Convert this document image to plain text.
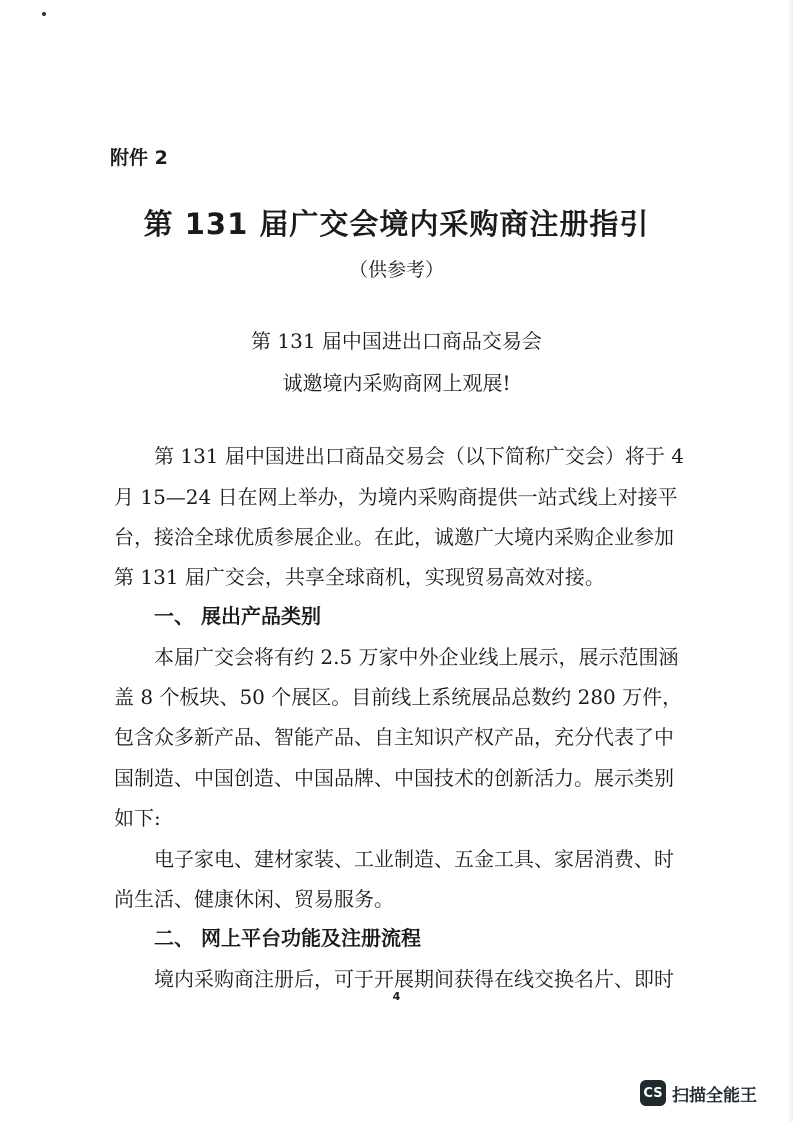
附件 2

第 131 届广交会境内采购商注册指引

（供参考）

第 131 届中国进出口商品交易会

诚邀境内采购商网上观展!

第 131 届中国进出口商品交易会（以下简称广交会）将于 4

月 15—24 日在网上举办，为境内采购商提供一站式线上对接平

台，接洽全球优质参展企业。在此，诚邀广大境内采购企业参加

第 131 届广交会，共享全球商机，实现贸易高效对接。

一、 展出产品类别

本届广交会将有约 2.5 万家中外企业线上展示，展示范围涵

盖 8 个板块、50 个展区。目前线上系统展品总数约 280 万件，

包含众多新产品、智能产品、自主知识产权产品，充分代表了中

国制造、中国创造、中国品牌、中国技术的创新活力。展示类别

如下:

电子家电、建材家装、工业制造、五金工具、家居消费、时

尚生活、健康休闲、贸易服务。

二、 网上平台功能及注册流程

境内采购商注册后，可于开展期间获得在线交换名片、即时

4

CS 扫描全能王
